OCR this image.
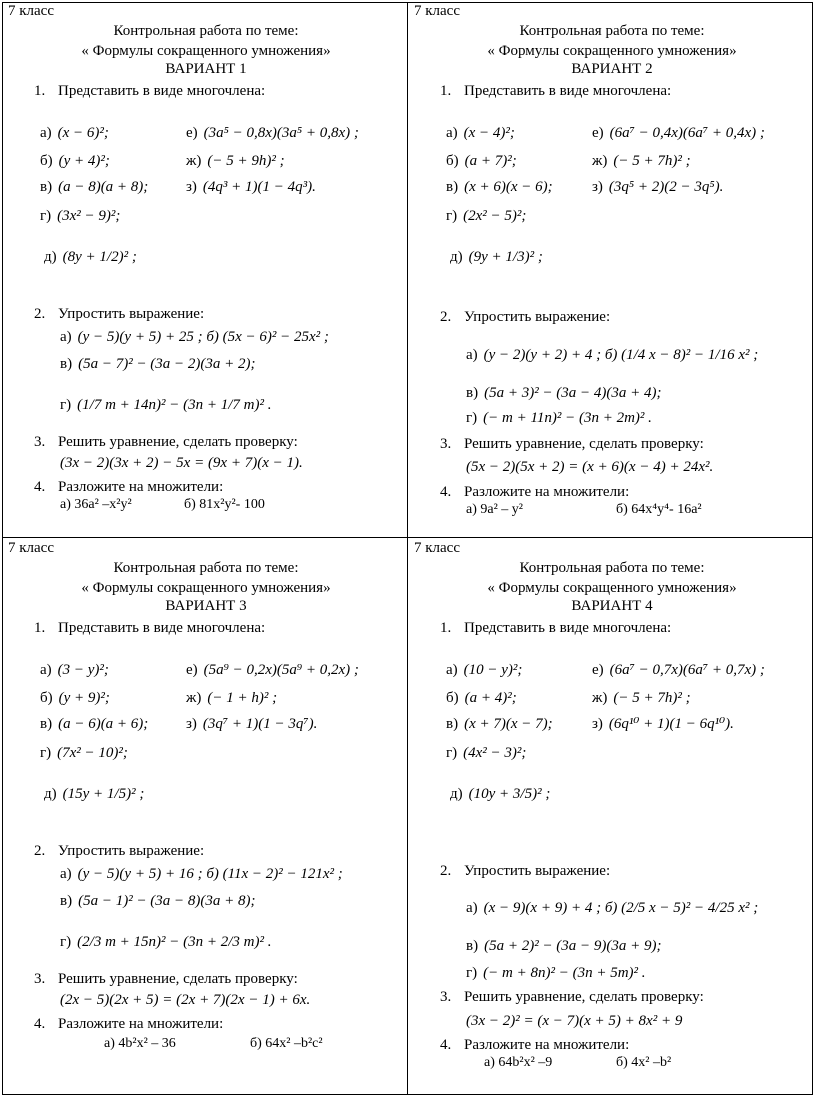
7 класс
Контрольная работа по теме:
« Формулы сокращенного умножения»
ВАРИАНТ 1
1. Представить в виде многочлена:
а) (x − 6)²;	е) (3a⁵ − 0,8x)(3a⁵ + 0,8x) ;
б) (y + 4)²;	ж) (− 5 + 9h)² ;
в) (a − 8)(a + 8);	з) (4q³ + 1)(1 − 4q³).
г) (3x² − 9)²;
д) (8y + 1/2)² ;
2. Упростить выражение:
а) (y − 5)(y + 5) + 25 ; б) (5x − 6)² − 25x² ;
в) (5a − 7)² − (3a − 2)(3a + 2);
г) (1/7 m + 14n)² − (3n + 1/7 m)² .
3. Решить уравнение, сделать проверку:
(3x − 2)(3x + 2) − 5x = (9x + 7)(x − 1).
4. Разложите на множители:
а) 36a² –x²y²	б) 81x²y²- 100
7 класс
Контрольная работа по теме:
« Формулы сокращенного умножения»
ВАРИАНТ 2
1. Представить в виде многочлена:
а) (x − 4)²;	е) (6a⁷ − 0,4x)(6a⁷ + 0,4x) ;
б) (a + 7)²;	ж) (− 5 + 7h)² ;
в) (x + 6)(x − 6);	з) (3q⁵ + 2)(2 − 3q⁵).
г) (2x² − 5)²;
д) (9y + 1/3)² ;
2. Упростить выражение:
а) (y − 2)(y + 2) + 4 ; б) (1/4 x − 8)² − 1/16 x² ;
в) (5a + 3)² − (3a − 4)(3a + 4);
г) (− m + 11n)² − (3n + 2m)² .
3. Решить уравнение, сделать проверку:
(5x − 2)(5x + 2) = (x + 6)(x − 4) + 24x².
4. Разложите на множители:
а) 9a² – y²	б) 64x⁴y⁴- 16a²
7 класс
Контрольная работа по теме:
« Формулы сокращенного умножения»
ВАРИАНТ 3
1. Представить в виде многочлена:
а) (3 − y)²;	е) (5a⁹ − 0,2x)(5a⁹ + 0,2x) ;
б) (y + 9)²;	ж) (− 1 + h)² ;
в) (a − 6)(a + 6);	з) (3q⁷ + 1)(1 − 3q⁷).
г) (7x² − 10)²;
д) (15y + 1/5)² ;
2. Упростить выражение:
а) (y − 5)(y + 5) + 16 ; б) (11x − 2)² − 121x² ;
в) (5a − 1)² − (3a − 8)(3a + 8);
г) (2/3 m + 15n)² − (3n + 2/3 m)² .
3. Решить уравнение, сделать проверку:
(2x − 5)(2x + 5) = (2x + 7)(2x − 1) + 6x.
4. Разложите на множители:
а) 4b²x² – 36	б) 64x² –b²c²
7 класс
Контрольная работа по теме:
« Формулы сокращенного умножения»
ВАРИАНТ 4
1. Представить в виде многочлена:
а) (10 − y)²;	е) (6a⁷ − 0,7x)(6a⁷ + 0,7x) ;
б) (a + 4)²;	ж) (− 5 + 7h)² ;
в) (x + 7)(x − 7);	з) (6q¹⁰ + 1)(1 − 6q¹⁰).
г) (4x² − 3)²;
д) (10y + 3/5)² ;
2. Упростить выражение:
а) (x − 9)(x + 9) + 4 ; б) (2/5 x − 5)² − 4/25 x² ;
в) (5a + 2)² − (3a − 9)(3a + 9);
г) (− m + 8n)² − (3n + 5m)² .
3. Решить уравнение, сделать проверку:
(3x − 2)² = (x − 7)(x + 5) + 8x² + 9
4. Разложите на множители:
а) 64b²x² –9	б) 4x² –b²
